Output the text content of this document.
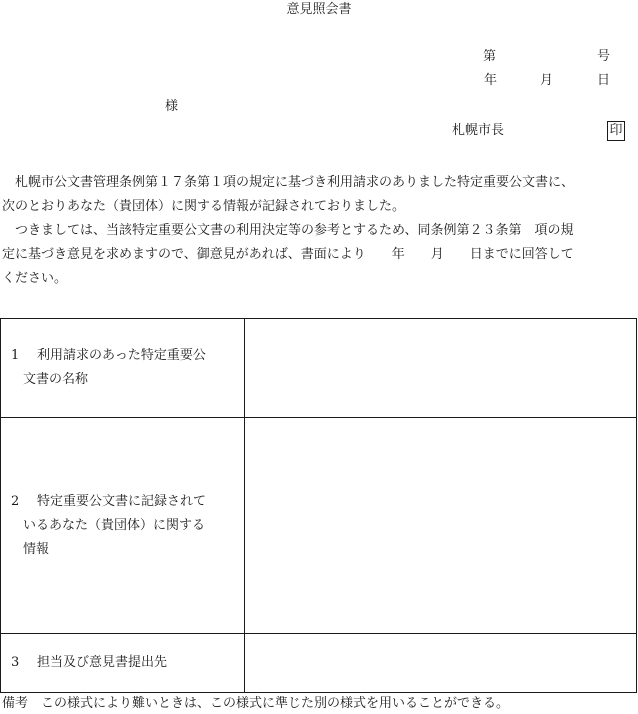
意見照会書
第	号
年	月	日
様
札幌市長	印

　札幌市公文書管理条例第１７条第１項の規定に基づき利用請求のありました特定重要公文書に、

次のとおりあなた（貴団体）に関する情報が記録されておりました。

　つきましては、当該特定重要公文書の利用決定等の参考とするため、同条例第２３条第　項の規

定に基づき意見を求めますので、御意見があれば、書面により　　年　　月　　日までに回答して

ください。

1 利用請求のあった特定重要公
文書の名称	

2 特定重要公文書に記録されて
いるあなた（貴団体）に関する
情報	

3 担当及び意見書提出先	
備考　この様式により難いときは、この様式に準じた別の様式を用いることができる。
